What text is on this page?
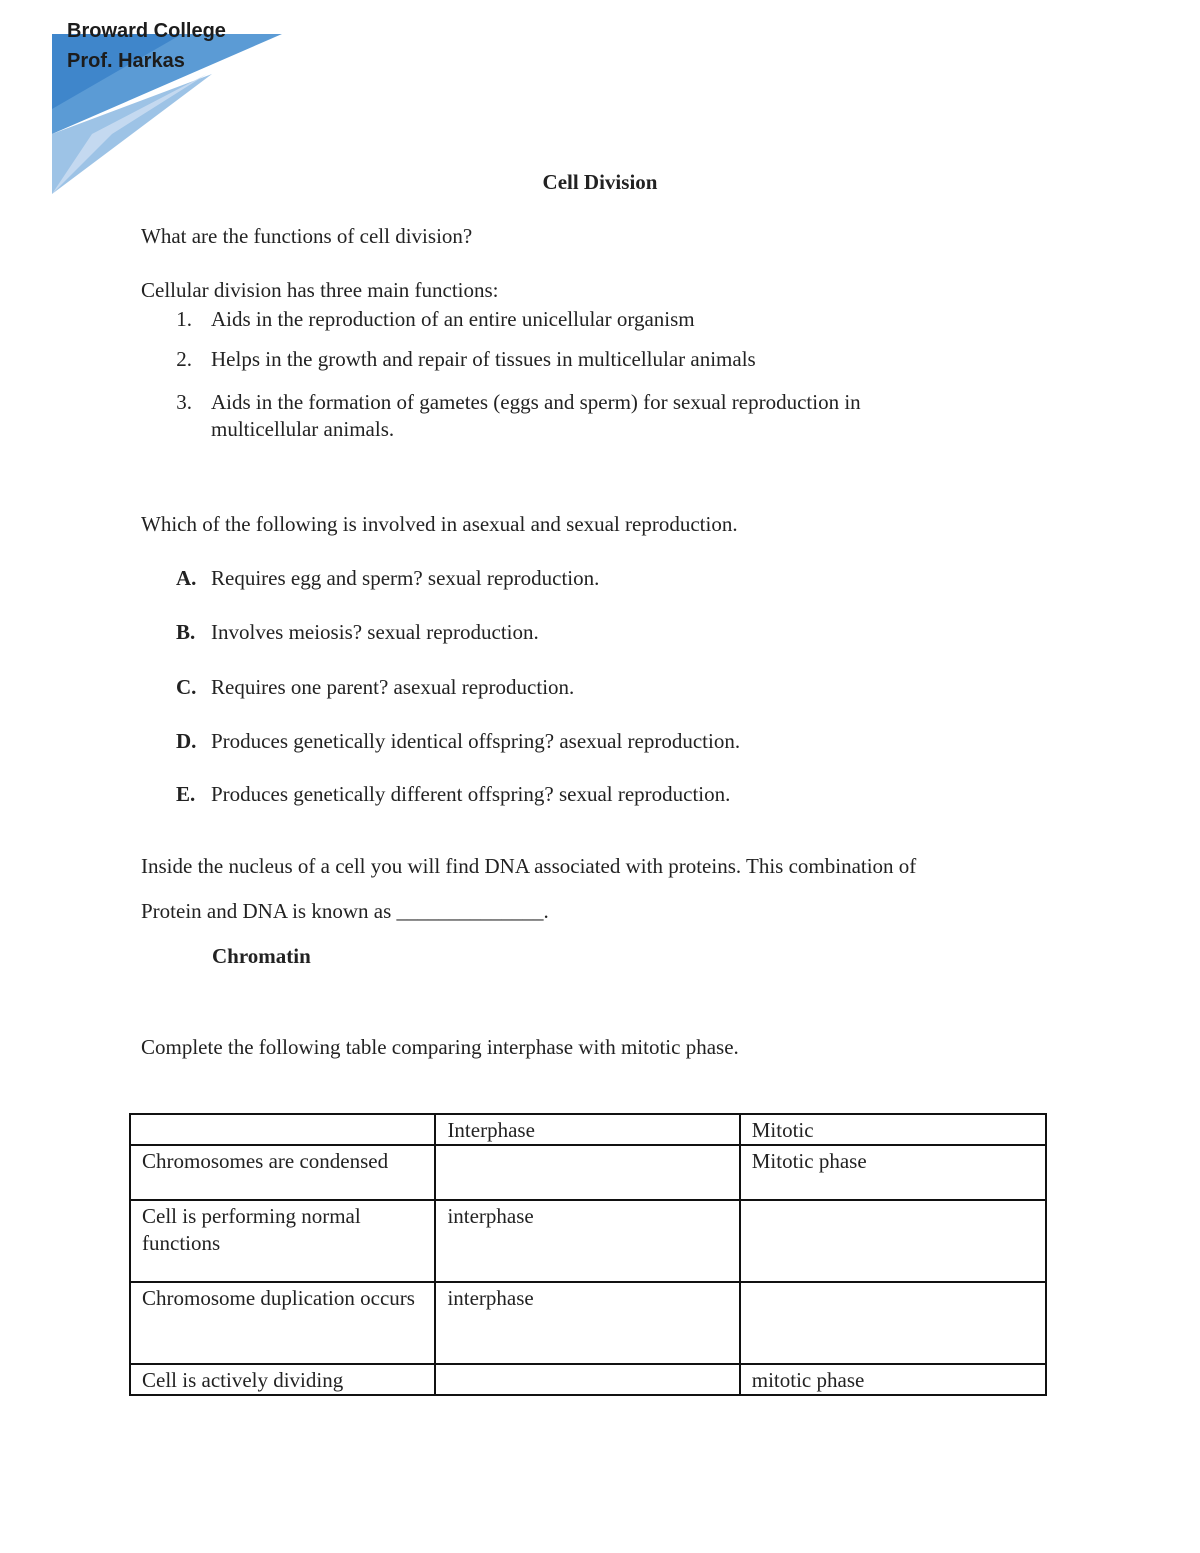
Broward College
Prof. Harkas
Cell Division
What are the functions of cell division?
Cellular division has three main functions:
1. Aids in the reproduction of an entire unicellular organism
2. Helps in the growth and repair of tissues in multicellular animals
3. Aids in the formation of gametes (eggs and sperm) for sexual reproduction in
multicellular animals.
Which of the following is involved in asexual and sexual reproduction.
A. Requires egg and sperm? sexual reproduction.
B. Involves meiosis? sexual reproduction.
C. Requires one parent? asexual reproduction.
D. Produces genetically identical offspring? asexual reproduction.
E. Produces genetically different offspring? sexual reproduction.
Inside the nucleus of a cell you will find DNA associated with proteins. This combination of
Protein and DNA is known as ______________.
Chromatin
Complete the following table comparing interphase with mitotic phase.
	Interphase	Mitotic
Chromosomes are condensed		Mitotic phase
Cell is performing normal functions	interphase	
Chromosome duplication occurs	interphase	
Cell is actively dividing		mitotic phase
